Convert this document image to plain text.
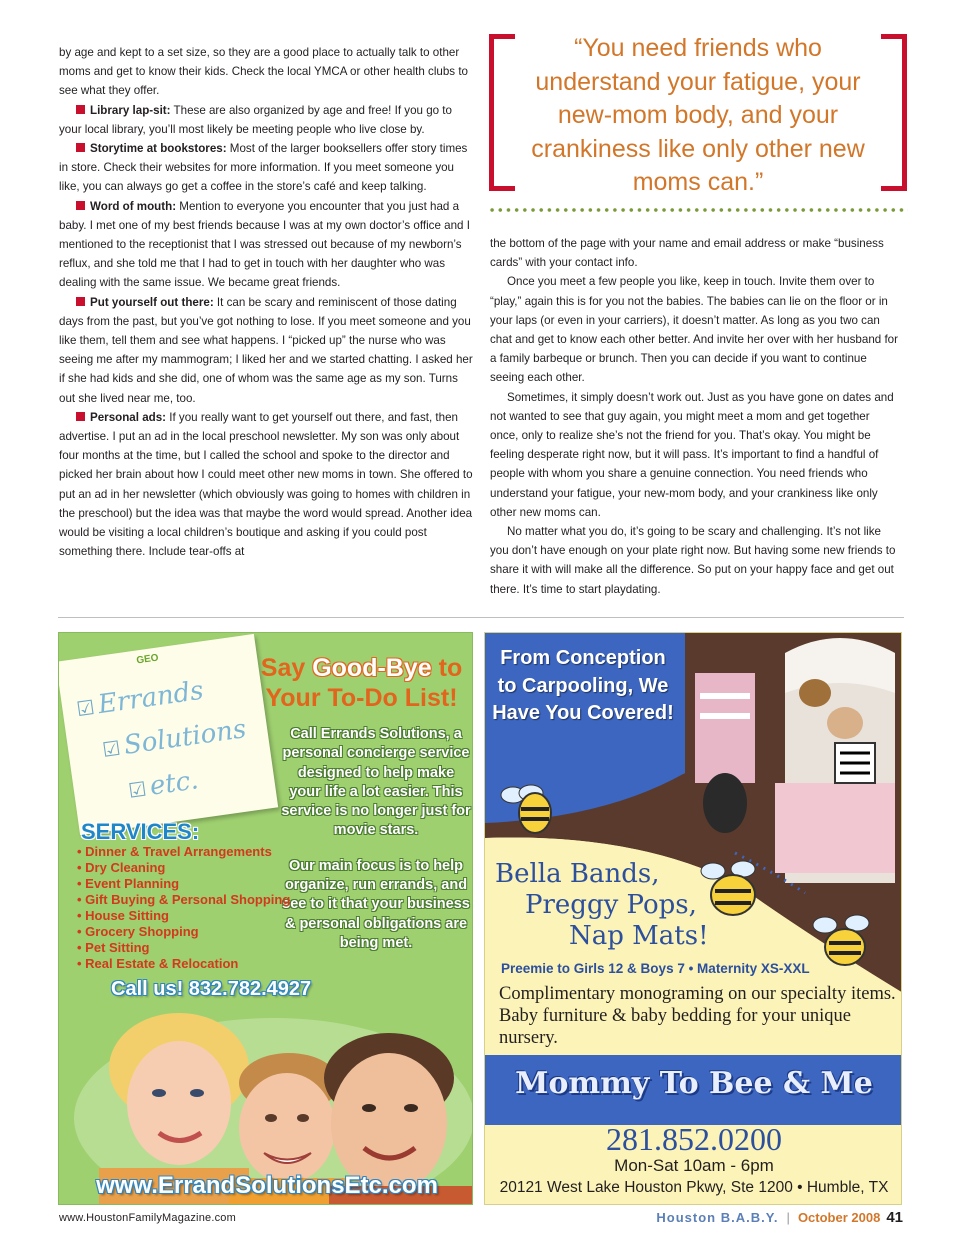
by age and kept to a set size, so they are a good place to actually talk to other moms and get to know their kids. Check the local YMCA or other health clubs to see what they offer.

Library lap-sit: These are also organized by age and free! If you go to your local library, you’ll most likely be meeting people who live close by.

Storytime at bookstores: Most of the larger booksellers offer story times in store. Check their websites for more information. If you meet someone you like, you can always go get a coffee in the store’s café and keep talking.

Word of mouth: Mention to everyone you encounter that you just had a baby. I met one of my best friends because I was at my own doctor’s office and I mentioned to the receptionist that I was stressed out because of my newborn’s reflux, and she told me that I had to get in touch with her daughter who was dealing with the same issue. We became great friends.

Put yourself out there: It can be scary and reminiscent of those dating days from the past, but you’ve got nothing to lose. If you meet someone and you like them, tell them and see what happens. I “picked up” the nurse who was seeing me after my mammogram; I liked her and we started chatting. I asked her if she had kids and she did, one of whom was the same age as my son. Turns out she lived near me, too.

Personal ads: If you really want to get yourself out there, and fast, then advertise. I put an ad in the local preschool newsletter. My son was only about four months at the time, but I called the school and spoke to the director and picked her brain about how I could meet other new moms in town. She offered to put an ad in her newsletter (which obviously was going to homes with children in the preschool) but the idea was that maybe the word would spread. Another idea would be visiting a local children’s boutique and asking if you could post something there. Include tear-offs at

“You need friends who understand your fatigue, your new-mom body, and your crankiness like only other new moms can.”

the bottom of the page with your name and email address or make “business cards” with your contact info.

Once you meet a few people you like, keep in touch. Invite them over to “play,” again this is for you not the babies. The babies can lie on the floor or in your laps (or even in your carriers), it doesn’t matter. As long as you two can chat and get to know each other better. And invite her over with her husband for a family barbeque or brunch. Then you can decide if you want to continue seeing each other.

Sometimes, it simply doesn’t work out. Just as you have gone on dates and not wanted to see that guy again, you might meet a mom and get together once, only to realize she’s not the friend for you. That’s okay. You might be feeling desperate right now, but it will pass. It’s important to find a handful of people with whom you share a genuine connection. You need friends who understand your fatigue, your new-mom body, and your crankiness like only other new moms can.

No matter what you do, it’s going to be scary and challenging. It’s not like you don’t have enough on your plate right now. But having some new friends to share it with will make all the difference. So put on your happy face and get out there. It’s time to start playdating.

GEO
☑Errands
☑Solutions
☑etc.
Say Good-Bye to
Your To-Do List!
Call Errands Solutions, a personal concierge service designed to help make your life a lot easier. This service is no longer just for movie stars.
Our main focus is to help organize, run errands, and see to it that your business & personal obligations are being met.
SERVICES:
• Dinner & Travel Arrangements
• Dry Cleaning
• Event Planning
• Gift Buying & Personal Shopping
• House Sitting
• Grocery Shopping
• Pet Sitting
• Real Estate & Relocation
Call us! 832.782.4927
www.ErrandSolutionsEtc.com
From Conception to Carpooling, We Have You Covered!
Bella Bands,
Preggy Pops,
Nap Mats!
Preemie to Girls 12 & Boys 7 • Maternity XS-XXL
Complimentary monograming on our specialty items. Baby furniture & baby bedding for your unique nursery.
Mommy To Bee & Me
281.852.0200
Mon-Sat 10am - 6pm
20121 West Lake Houston Pkwy, Ste 1200 • Humble, TX
www.HoustonFamilyMagazine.com	Houston B.A.B.Y. | October 2008 41
